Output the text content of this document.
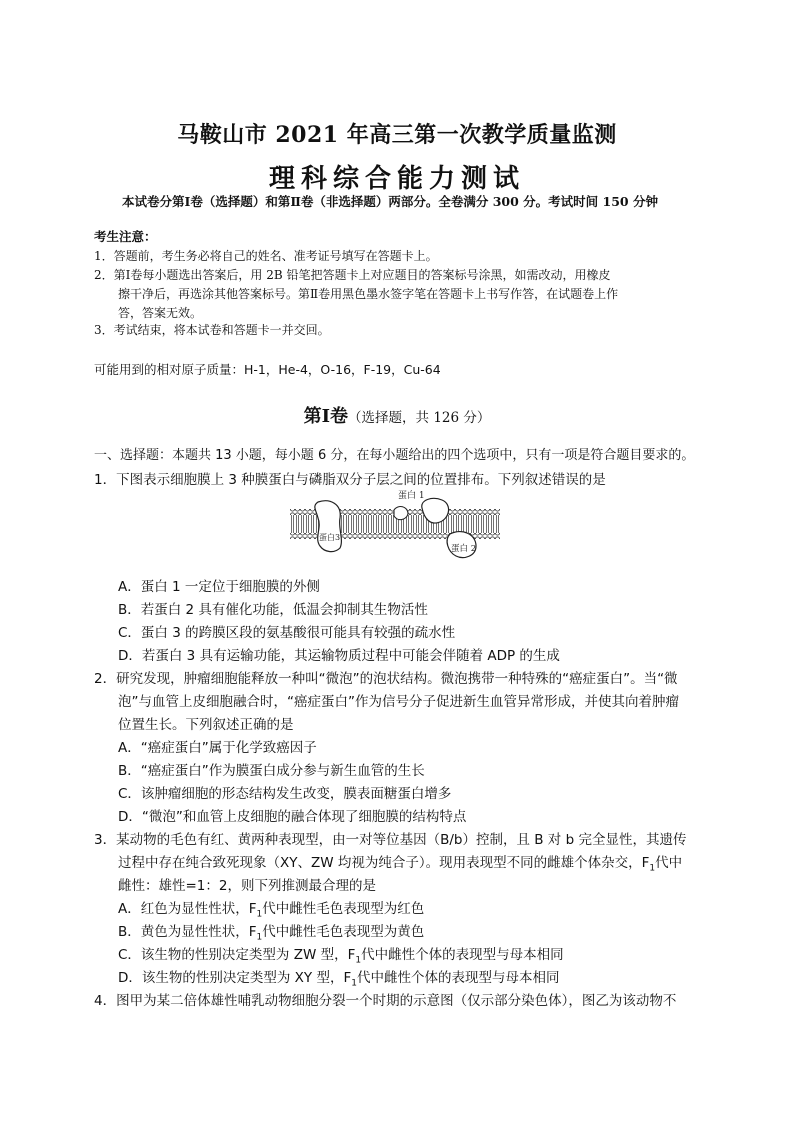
马鞍山市 2021 年高三第一次教学质量监测
理科综合能力测试
本试卷分第Ⅰ卷（选择题）和第Ⅱ卷（非选择题）两部分。全卷满分 300 分。考试时间 150 分钟
考生注意：
1．答题前，考生务必将自己的姓名、准考证号填写在答题卡上。
2．第Ⅰ卷每小题选出答案后，用 2B 铅笔把答题卡上对应题目的答案标号涂黑，如需改动，用橡皮
擦干净后，再选涂其他答案标号。第Ⅱ卷用黑色墨水签字笔在答题卡上书写作答，在试题卷上作
答，答案无效。
3．考试结束，将本试卷和答题卡一并交回。
可能用到的相对原子质量：H-1，He-4，O-16，F-19，Cu-64
第Ⅰ卷（选择题，共 126 分）
一、选择题：本题共 13 小题，每小题 6 分，在每小题给出的四个选项中，只有一项是符合题目要求的。
1．下图表示细胞膜上 3 种膜蛋白与磷脂双分子层之间的位置排布。下列叙述错误的是
蛋白 1
蛋白3
蛋白 2
A．蛋白 1 一定位于细胞膜的外侧
B．若蛋白 2 具有催化功能，低温会抑制其生物活性
C．蛋白 3 的跨膜区段的氨基酸很可能具有较强的疏水性
D．若蛋白 3 具有运输功能，其运输物质过程中可能会伴随着 ADP 的生成
2．研究发现，肿瘤细胞能释放一种叫“微泡”的泡状结构。微泡携带一种特殊的“癌症蛋白”。当“微
泡”与血管上皮细胞融合时，“癌症蛋白”作为信号分子促进新生血管异常形成，并使其向着肿瘤
位置生长。下列叙述正确的是
A．“癌症蛋白”属于化学致癌因子
B．“癌症蛋白”作为膜蛋白成分参与新生血管的生长
C．该肿瘤细胞的形态结构发生改变，膜表面糖蛋白增多
D．“微泡”和血管上皮细胞的融合体现了细胞膜的结构特点
3．某动物的毛色有红、黄两种表现型，由一对等位基因（B/b）控制，且 B 对 b 完全显性，其遗传
过程中存在纯合致死现象（XY、ZW 均视为纯合子）。现用表现型不同的雌雄个体杂交，$F_1$代中
雌性：雄性=1：2，则下列推测最合理的是
A．红色为显性性状，$F_1$代中雌性毛色表现型为红色
B．黄色为显性性状，$F_1$代中雌性毛色表现型为黄色
C．该生物的性别决定类型为 ZW 型，$F_1$代中雌性个体的表现型与母本相同
D．该生物的性别决定类型为 XY 型，$F_1$代中雌性个体的表现型与母本相同
4．图甲为某二倍体雄性哺乳动物细胞分裂一个时期的示意图（仅示部分染色体），图乙为该动物不
